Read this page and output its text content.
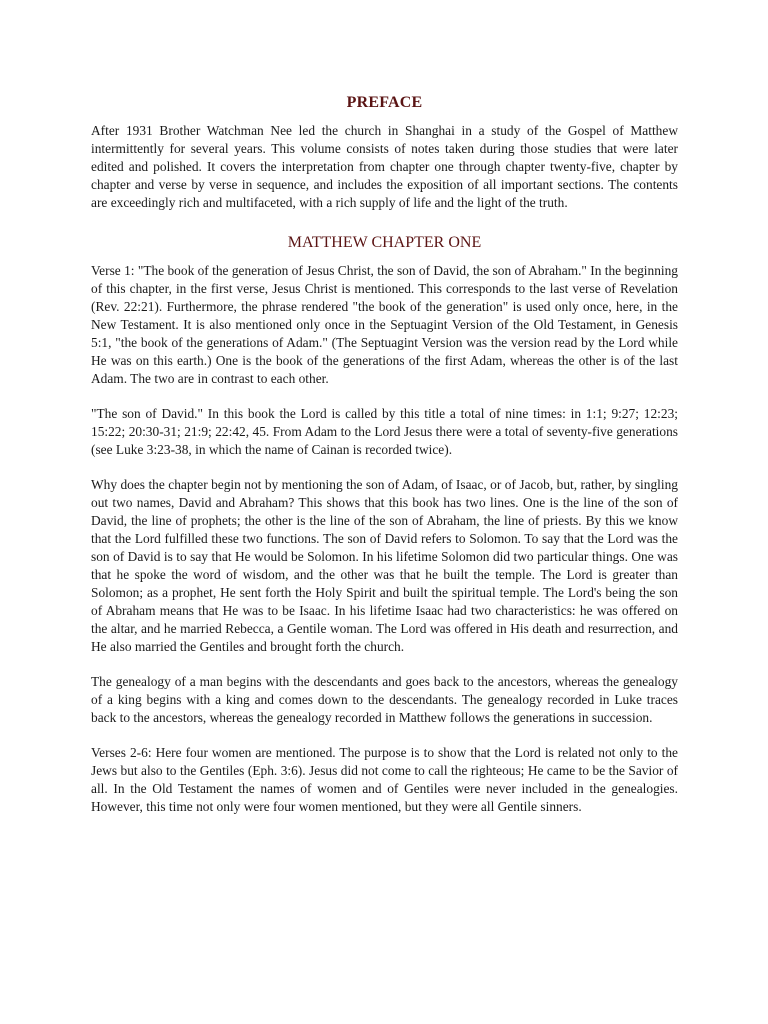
PREFACE

After 1931 Brother Watchman Nee led the church in Shanghai in a study of the Gospel of Matthew intermittently for several years. This volume consists of notes taken during those studies that were later edited and polished. It covers the interpretation from chapter one through chapter twenty-five, chapter by chapter and verse by verse in sequence, and includes the exposition of all important sections. The contents are exceedingly rich and multifaceted, with a rich supply of life and the light of the truth.

MATTHEW CHAPTER ONE

Verse 1: "The book of the generation of Jesus Christ, the son of David, the son of Abraham." In the beginning of this chapter, in the first verse, Jesus Christ is mentioned. This corresponds to the last verse of Revelation (Rev. 22:21). Furthermore, the phrase rendered "the book of the generation" is used only once, here, in the New Testament. It is also mentioned only once in the Septuagint Version of the Old Testament, in Genesis 5:1, "the book of the generations of Adam." (The Septuagint Version was the version read by the Lord while He was on this earth.) One is the book of the generations of the first Adam, whereas the other is of the last Adam. The two are in contrast to each other.

"The son of David." In this book the Lord is called by this title a total of nine times: in 1:1; 9:27; 12:23; 15:22; 20:30-31; 21:9; 22:42, 45. From Adam to the Lord Jesus there were a total of seventy-five generations (see Luke 3:23-38, in which the name of Cainan is recorded twice).

Why does the chapter begin not by mentioning the son of Adam, of Isaac, or of Jacob, but, rather, by singling out two names, David and Abraham? This shows that this book has two lines. One is the line of the son of David, the line of prophets; the other is the line of the son of Abraham, the line of priests. By this we know that the Lord fulfilled these two functions. The son of David refers to Solomon. To say that the Lord was the son of David is to say that He would be Solomon. In his lifetime Solomon did two particular things. One was that he spoke the word of wisdom, and the other was that he built the temple. The Lord is greater than Solomon; as a prophet, He sent forth the Holy Spirit and built the spiritual temple. The Lord's being the son of Abraham means that He was to be Isaac. In his lifetime Isaac had two characteristics: he was offered on the altar, and he married Rebecca, a Gentile woman. The Lord was offered in His death and resurrection, and He also married the Gentiles and brought forth the church.

The genealogy of a man begins with the descendants and goes back to the ancestors, whereas the genealogy of a king begins with a king and comes down to the descendants. The genealogy recorded in Luke traces back to the ancestors, whereas the genealogy recorded in Matthew follows the generations in succession.

Verses 2-6: Here four women are mentioned. The purpose is to show that the Lord is related not only to the Jews but also to the Gentiles (Eph. 3:6). Jesus did not come to call the righteous; He came to be the Savior of all. In the Old Testament the names of women and of Gentiles were never included in the genealogies. However, this time not only were four women mentioned, but they were all Gentile sinners.
